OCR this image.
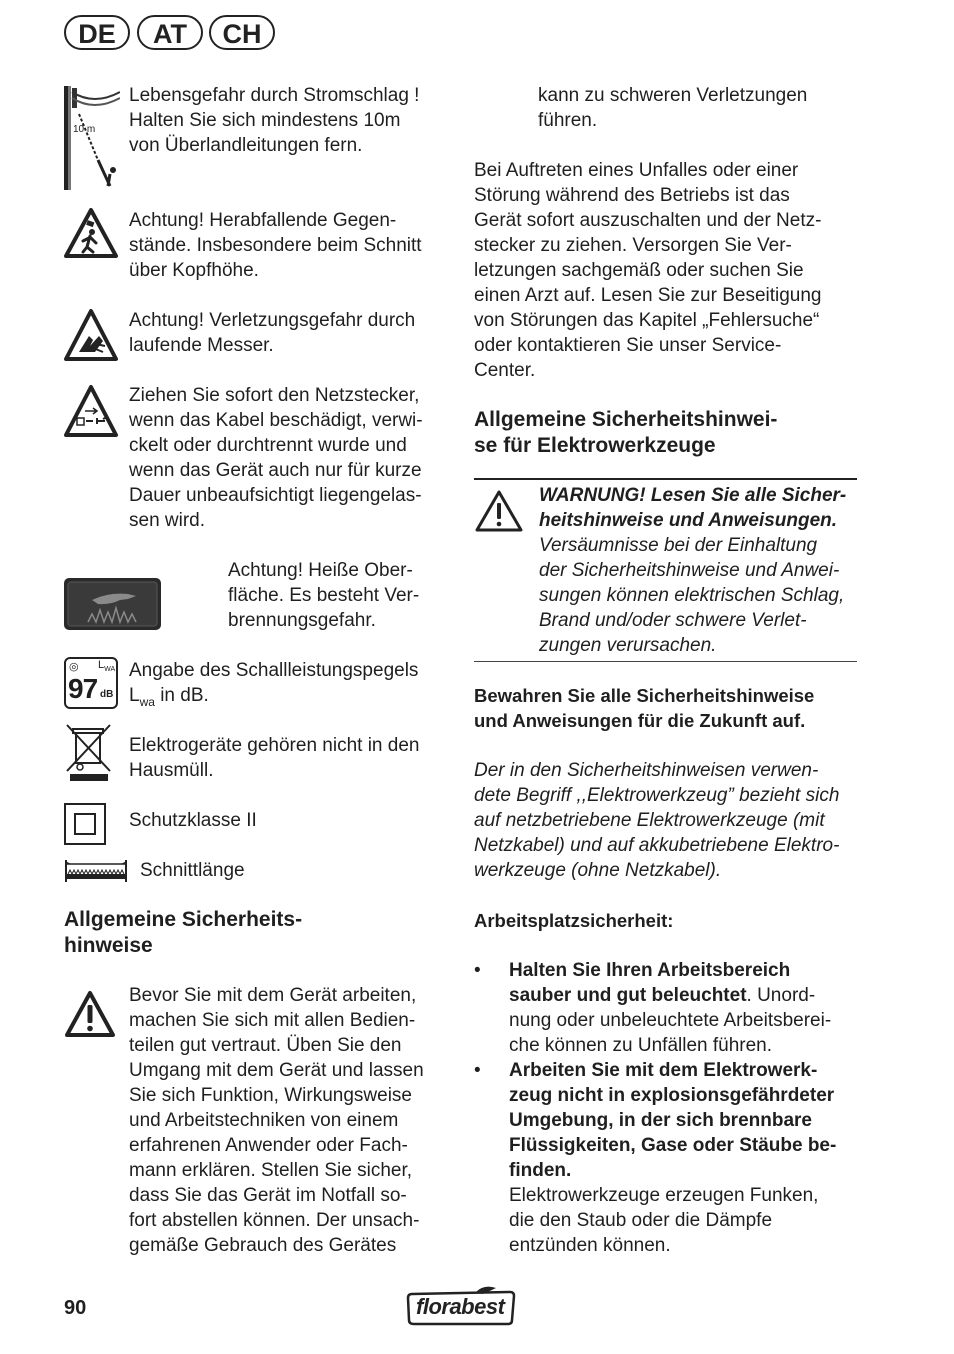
DE	AT	CH
10 m
Lebensgefahr durch Stromschlag !
Halten Sie sich mindestens 10m
von Überlandleitungen fern.
Achtung! Herabfallende Gegen-
stände. Insbesondere beim Schnitt
über Kopfhöhe.
Achtung! Verletzungsgefahr durch
laufende Messer.
Ziehen Sie sofort den Netzstecker,
wenn das Kabel beschädigt, verwi-
ckelt oder durchtrennt wurde und
wenn das Gerät auch nur für kurze
Dauer unbeaufsichtigt liegengelas-
sen wird.
Achtung! Heiße Ober-
fläche. Es besteht Ver-
brennungsgefahr.
◎ $L_{WA}$
97 dB
Angabe des Schallleistungspegels
$L_{wa}$ in dB.
Elektrogeräte gehören nicht in den
Hausmüll.
Schutzklasse II
Schnittlänge
Allgemeine Sicherheits-
hinweise
Bevor Sie mit dem Gerät arbeiten,
machen Sie sich mit allen Bedien-
teilen gut vertraut. Üben Sie den
Umgang mit dem Gerät und lassen
Sie sich Funktion, Wirkungsweise
und Arbeitstechniken von einem
erfahrenen Anwender oder Fach-
mann erklären. Stellen Sie sicher,
dass Sie das Gerät im Notfall so-
fort abstellen können. Der unsach-
gemäße Gebrauch des Gerätes
kann zu schweren Verletzungen
führen.
Bei Auftreten eines Unfalles oder einer
Störung während des Betriebs ist das
Gerät sofort auszuschalten und der Netz-
stecker zu ziehen. Versorgen Sie Ver-
letzungen sachgemäß oder suchen Sie
einen Arzt auf. Lesen Sie zur Beseitigung
von Störungen das Kapitel „Fehlersuche“
oder kontaktieren Sie unser Service-
Center.
Allgemeine Sicherheitshinwei-
se für Elektrowerkzeuge
WARNUNG! Lesen Sie alle Sicher-
heitshinweise und Anweisungen.
Versäumnisse bei der Einhaltung
der Sicherheitshinweise und Anwei-
sungen können elektrischen Schlag,
Brand und/oder schwere Verlet-
zungen verursachen.
Bewahren Sie alle Sicherheitshinweise
und Anweisungen für die Zukunft auf.
Der in den Sicherheitshinweisen verwen-
dete Begriff ,,Elektrowerkzeug” bezieht sich
auf netzbetriebene Elektrowerkzeuge (mit
Netzkabel) und auf akkubetriebene Elektro-
werkzeuge (ohne Netzkabel).
Arbeitsplatzsicherheit:
• Halten Sie Ihren Arbeitsbereich
sauber und gut beleuchtet. Unord-
nung oder unbeleuchtete Arbeitsberei-
che können zu Unfällen führen.
• Arbeiten Sie mit dem Elektrowerk-
zeug nicht in explosionsgefährdeter
Umgebung, in der sich brennbare
Flüssigkeiten, Gase oder Stäube be-
finden.
Elektrowerkzeuge erzeugen Funken,
die den Staub oder die Dämpfe
entzünden können.
90	florabest
